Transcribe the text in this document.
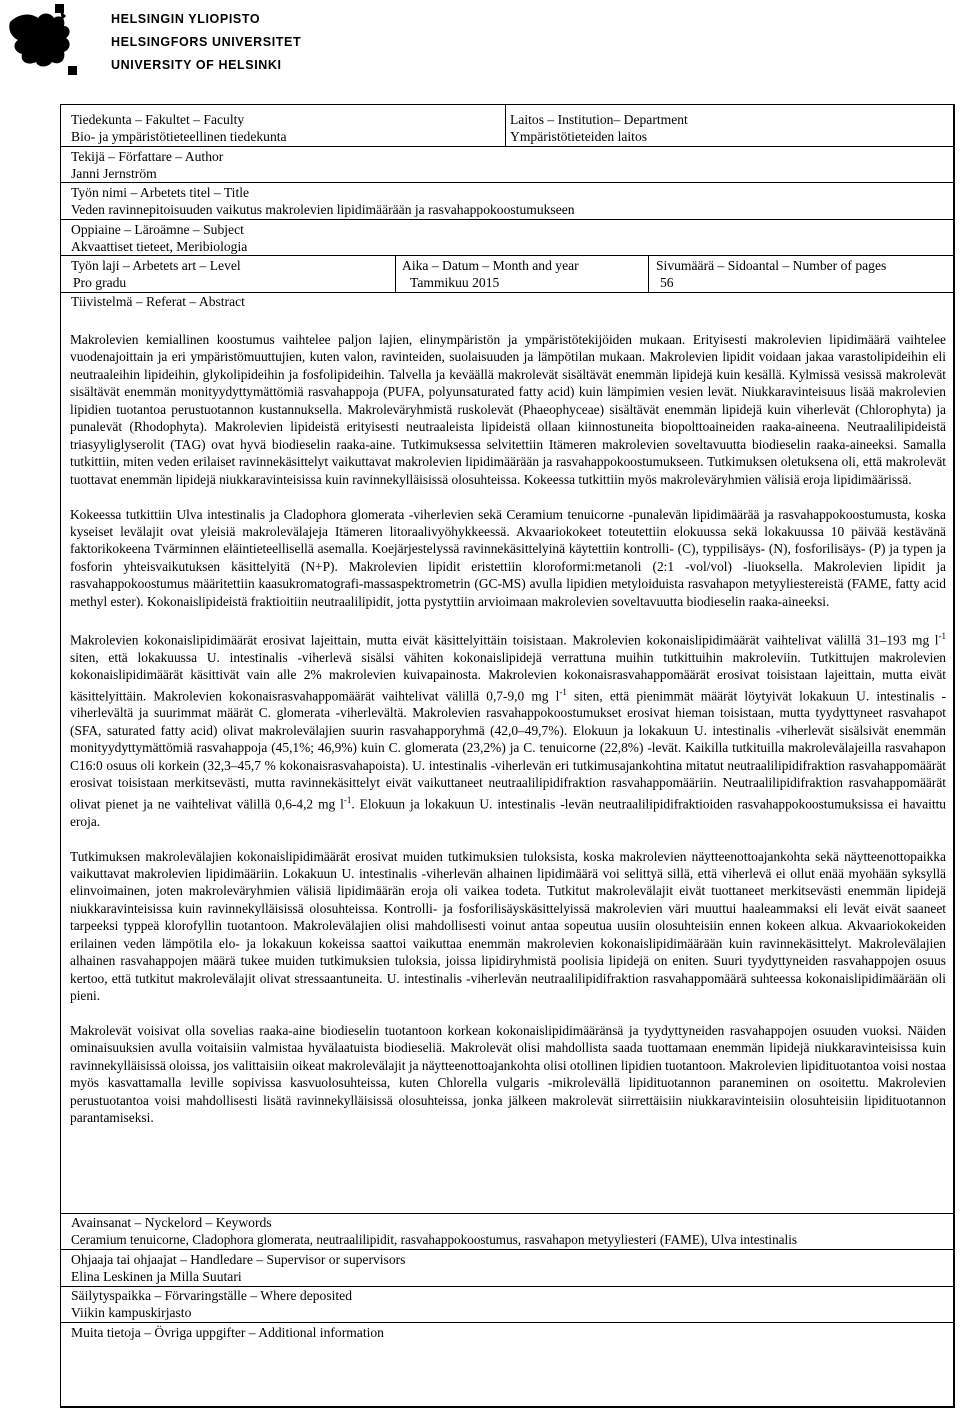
HELSINGIN YLIOPISTO
HELSINGFORS UNIVERSITET
UNIVERSITY OF HELSINKI
Tiedekunta – Fakultet – Faculty
Bio- ja ympäristötieteellinen tiedekunta
Laitos – Institution– Department
Ympäristötieteiden laitos
Tekijä – Författare – Author
Janni Jernström
Työn nimi – Arbetets titel – Title
Veden ravinnepitoisuuden vaikutus makrolevien lipidimäärään ja rasvahappokoostumukseen
Oppiaine – Läroämne – Subject
Akvaattiset tieteet, Meribiologia
Työn laji – Arbetets art – Level
Pro gradu
Aika – Datum – Month and year
Tammikuu 2015
Sivumäärä – Sidoantal – Number of pages
56
Tiivistelmä – Referat – Abstract

Makrolevien kemiallinen koostumus vaihtelee paljon lajien, elinympäristön ja ympäristötekijöiden mukaan. Erityisesti makrolevien lipidimäärä vaihtelee vuodenajoittain ja eri ympäristömuuttujien, kuten valon, ravinteiden, suolaisuuden ja lämpötilan mukaan. Makrolevien lipidit voidaan jakaa varastolipideihin eli neutraaleihin lipideihin, glykolipideihin ja fosfolipideihin. Talvella ja keväällä makrolevät sisältävät enemmän lipidejä kuin kesällä. Kylmissä vesissä makrolevät sisältävät enemmän monityydyttymättömiä rasvahappoja (PUFA, polyunsaturated fatty acid) kuin lämpimien vesien levät. Niukkaravinteisuus lisää makrolevien lipidien tuotantoa perustuotannon kustannuksella. Makroleväryhmistä ruskolevät (Phaeophyceae) sisältävät enemmän lipidejä kuin viherlevät (Chlorophyta) ja punalevät (Rhodophyta). Makrolevien lipideistä erityisesti neutraaleista lipideistä ollaan kiinnostuneita biopolttoaineiden raaka-aineena. Neutraalilipideistä triasyyliglyserolit (TAG) ovat hyvä biodieselin raaka-aine. Tutkimuksessa selvitettiin Itämeren makrolevien soveltavuutta biodieselin raaka-aineeksi. Samalla tutkittiin, miten veden erilaiset ravinnekäsittelyt vaikuttavat makrolevien lipidimäärään ja rasvahappokoostumukseen. Tutkimuksen oletuksena oli, että makrolevät tuottavat enemmän lipidejä niukkaravinteisissa kuin ravinnekylläisissä olosuhteissa. Kokeessa tutkittiin myös makroleväryhmien välisiä eroja lipidimäärissä.

Kokeessa tutkittiin Ulva intestinalis ja Cladophora glomerata -viherlevien sekä Ceramium tenuicorne -punalevän lipidimäärää ja rasvahappokoostumusta, koska kyseiset levälajit ovat yleisiä makrolevälajeja Itämeren litoraalivyöhykkeessä. Akvaariokokeet toteutettiin elokuussa sekä lokakuussa 10 päivää kestävänä faktorikokeena Tvärminnen eläintieteellisellä asemalla. Koejärjestelyssä ravinnekäsittelyinä käytettiin kontrolli- (C), typpilisäys- (N), fosforilisäys- (P) ja typen ja fosforin yhteisvaikutuksen käsittelyitä (N+P). Makrolevien lipidit eristettiin kloroformi:metanoli (2:1 -vol/vol) -liuoksella. Makrolevien lipidit ja rasvahappokoostumus määritettiin kaasukromatografi-massaspektrometrin (GC-MS) avulla lipidien metyloiduista rasvahapon metyyliestereistä (FAME, fatty acid methyl ester). Kokonaislipideistä fraktioitiin neutraalilipidit, jotta pystyttiin arvioimaan makrolevien soveltavuutta biodieselin raaka-aineeksi.

Makrolevien kokonaislipidimäärät erosivat lajeittain, mutta eivät käsittelyittäin toisistaan. Makrolevien kokonaislipidimäärät vaihtelivat välillä 31–193 mg $l^{-1}$ siten, että lokakuussa U. intestinalis -viherlevä sisälsi vähiten kokonaislipidejä verrattuna muihin tutkittuihin makroleviin. Tutkittujen makrolevien kokonaislipidimäärät käsittivät vain alle 2% makrolevien kuivapainosta. Makrolevien kokonaisrasvahappomäärät erosivat toisistaan lajeittain, mutta eivät käsittelyittäin. Makrolevien kokonaisrasvahappomäärät vaihtelivat välillä 0,7-9,0 mg $l^{-1}$ siten, että pienimmät määrät löytyivät lokakuun U. intestinalis -viherlevältä ja suurimmat määrät C. glomerata -viherlevältä. Makrolevien rasvahappokoostumukset erosivat hieman toisistaan, mutta tyydyttyneet rasvahapot (SFA, saturated fatty acid) olivat makrolevälajien suurin rasvahapporyhmä (42,0–49,7%). Elokuun ja lokakuun U. intestinalis -viherlevät sisälsivät enemmän monityydyttymättömiä rasvahappoja (45,1%; 46,9%) kuin C. glomerata (23,2%) ja C. tenuicorne (22,8%) -levät. Kaikilla tutkituilla makrolevälajeilla rasvahapon C16:0 osuus oli korkein (32,3–45,7 % kokonaisrasvahapoista). U. intestinalis -viherlevän eri tutkimusajankohtina mitatut neutraalilipidifraktion rasvahappomäärät erosivat toisistaan merkitsevästi, mutta ravinnekäsittelyt eivät vaikuttaneet neutraalilipidifraktion rasvahappomääriin. Neutraalilipidifraktion rasvahappomäärät olivat pienet ja ne vaihtelivat välillä 0,6-4,2 mg $l^{-1}$. Elokuun ja lokakuun U. intestinalis -levän neutraalilipidifraktioiden rasvahappokoostumuksissa ei havaittu eroja.

Tutkimuksen makrolevälajien kokonaislipidimäärät erosivat muiden tutkimuksien tuloksista, koska makrolevien näytteenottoajankohta sekä näytteenottopaikka vaikuttavat makrolevien lipidimääriin. Lokakuun U. intestinalis -viherlevän alhainen lipidimäärä voi selittyä sillä, että viherlevä ei ollut enää myohään syksyllä elinvoimainen, joten makroleväryhmien välisiä lipidimäärän eroja oli vaikea todeta. Tutkitut makrolevälajit eivät tuottaneet merkitsevästi enemmän lipidejä niukkaravinteisissa kuin ravinnekylläisissä olosuhteissa. Kontrolli- ja fosforilisäyskäsittelyissä makrolevien väri muuttui haaleammaksi eli levät eivät saaneet tarpeeksi typpeä klorofyllin tuotantoon. Makrolevälajien olisi mahdollisesti voinut antaa sopeutua uusiin olosuhteisiin ennen kokeen alkua. Akvaariokokeiden erilainen veden lämpötila elo- ja lokakuun kokeissa saattoi vaikuttaa enemmän makrolevien kokonaislipidimäärään kuin ravinnekäsittelyt. Makrolevälajien alhainen rasvahappojen määrä tukee muiden tutkimuksien tuloksia, joissa lipidiryhmistä poolisia lipidejä on eniten. Suuri tyydyttyneiden rasvahappojen osuus kertoo, että tutkitut makrolevälajit olivat stressaantuneita. U. intestinalis -viherlevän neutraalilipidifraktion rasvahappomäärä suhteessa kokonaislipidimäärään oli pieni.

Makrolevät voisivat olla sovelias raaka-aine biodieselin tuotantoon korkean kokonaislipidimääränsä ja tyydyttyneiden rasvahappojen osuuden vuoksi. Näiden ominaisuuksien avulla voitaisiin valmistaa hyvälaatuista biodieseliä. Makrolevät olisi mahdollista saada tuottamaan enemmän lipidejä niukkaravinteisissa kuin ravinnekylläisissä oloissa, jos valittaisiin oikeat makrolevälajit ja näytteenottoajankohta olisi otollinen lipidien tuotantoon. Makrolevien lipidituotantoa voisi nostaa myös kasvattamalla leville sopivissa kasvuolosuhteissa, kuten Chlorella vulgaris -mikrolevällä lipidituotannon paraneminen on osoitettu. Makrolevien perustuotantoa voisi mahdollisesti lisätä ravinnekylläisissä olosuhteissa, jonka jälkeen makrolevät siirrettäisiin niukkaravinteisiin olosuhteisiin lipidituotannon parantamiseksi.

Avainsanat – Nyckelord – Keywords
Ceramium tenuicorne, Cladophora glomerata, neutraalilipidit, rasvahappokoostumus, rasvahapon metyyliesteri (FAME), Ulva intestinalis
Ohjaaja tai ohjaajat – Handledare – Supervisor or supervisors
Elina Leskinen ja Milla Suutari
Säilytyspaikka – Förvaringställe – Where deposited
Viikin kampuskirjasto
Muita tietoja – Övriga uppgifter – Additional information
